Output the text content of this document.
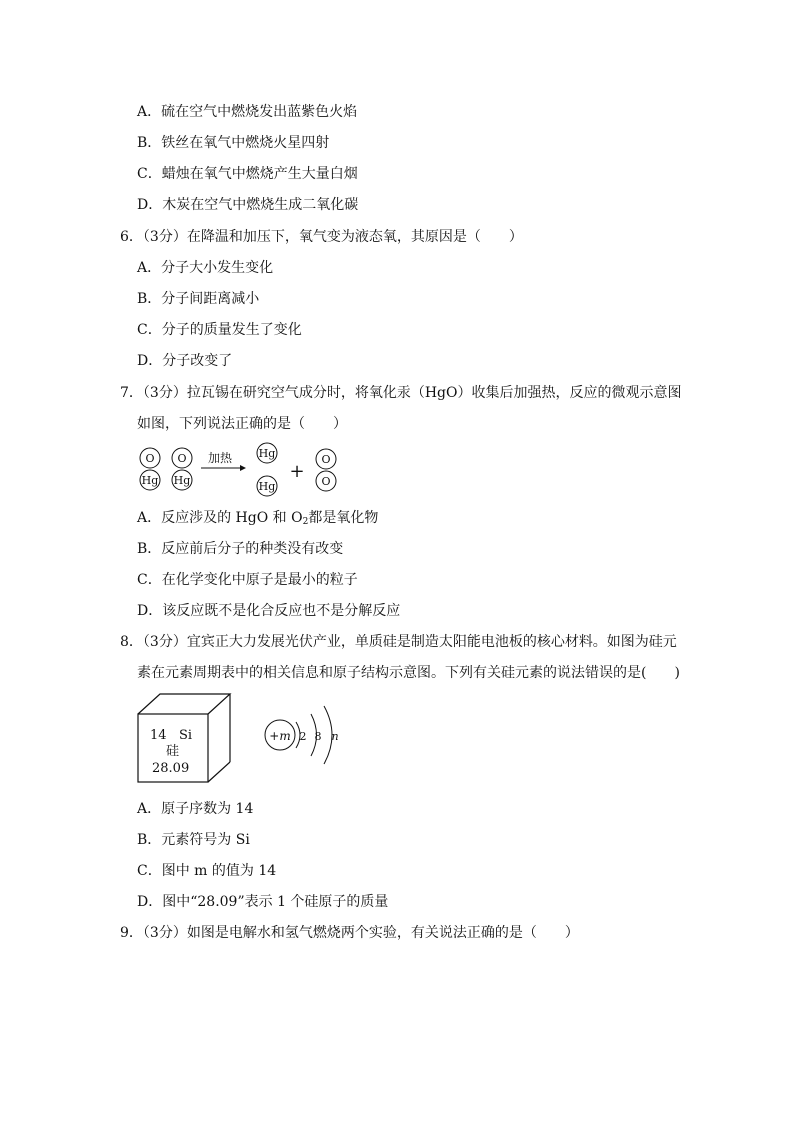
A．硫在空气中燃烧发出蓝紫色火焰
B．铁丝在氧气中燃烧火星四射
C．蜡烛在氧气中燃烧产生大量白烟
D．木炭在空气中燃烧生成二氧化碳
6．（3分）在降温和加压下，氧气变为液态氧，其原因是（　　）
A．分子大小发生变化
B．分子间距离减小
C．分子的质量发生了变化
D．分子改变了
7．（3分）拉瓦锡在研究空气成分时，将氧化汞（HgO）收集后加强热，反应的微观示意图
如图，下列说法正确的是（　　）
O
Hg
O
Hg
Hg
Hg
O
O
加热
+
A．反应涉及的 HgO 和 $O_2$都是氧化物
B．反应前后分子的种类没有改变
C．在化学变化中原子是最小的粒子
D．该反应既不是化合反应也不是分解反应
8．（3分）宜宾正大力发展光伏产业，单质硅是制造太阳能电池板的核心材料。如图为硅元
素在元素周期表中的相关信息和原子结构示意图。下列有关硅元素的说法错误的是(　　)
14 Si
硅
28.09
+m 2 8 n
A．原子序数为 14
B．元素符号为 Si
C．图中 m 的值为 14
D．图中“28.09”表示 1 个硅原子的质量
9．（3分）如图是电解水和氢气燃烧两个实验，有关说法正确的是（　　）
